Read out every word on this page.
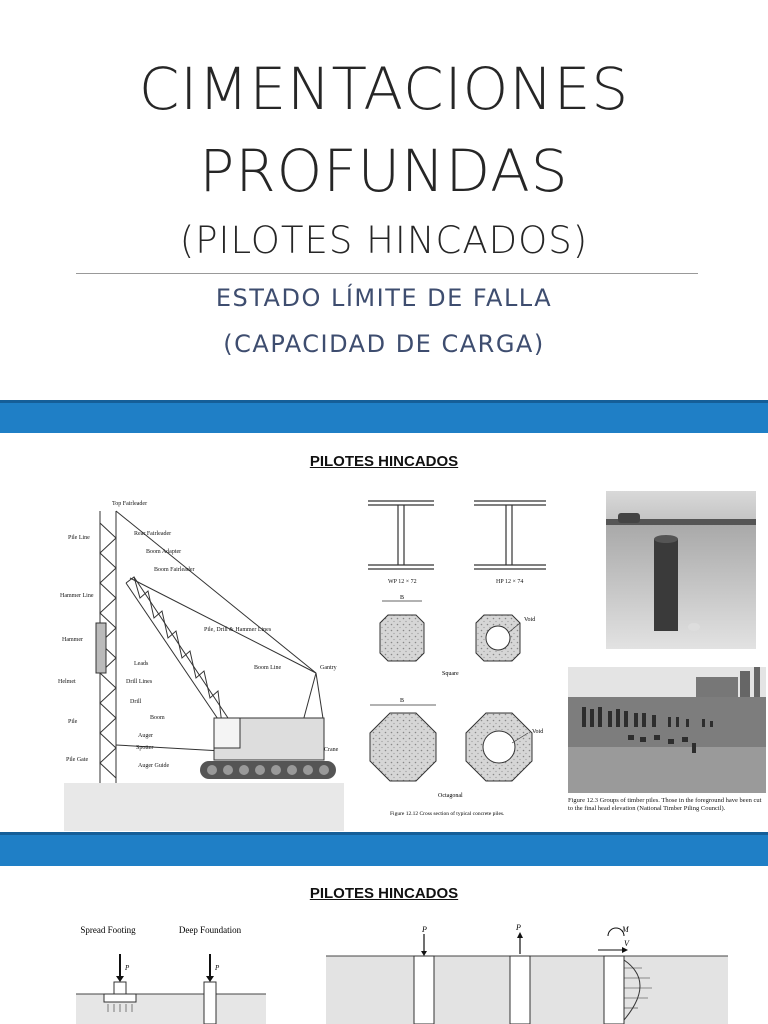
CIMENTACIONES
PROFUNDAS
(PILOTES HINCADOS)
ESTADO LÍMITE DE FALLA
(CAPACIDAD DE CARGA)
PILOTES HINCADOS
Top Fairleader
Pile Line
Rear Fairleader
Boom Adapter
Boom Fairleader
Hammer Line
Pile, Drill & Hammer Lines
Boom Line	Gantry
Hammer
Leads
Helmet	Drill Lines
Drill
Boom
Pile
Auger
Spotter	Crane
Pile Gate
Auger Guide
WP 12 × 72	HP 12 × 74
B
Void
Square
B
Void
Octagonal
Figure 12.12 Cross section of typical concrete piles.
Figure 12.3 Groups of timber piles. Those in the foreground have been cut to the final head elevation (National Timber Piling Council).
PILOTES HINCADOS
Spread Footing	Deep Foundation
P	P
P	P
V
M
